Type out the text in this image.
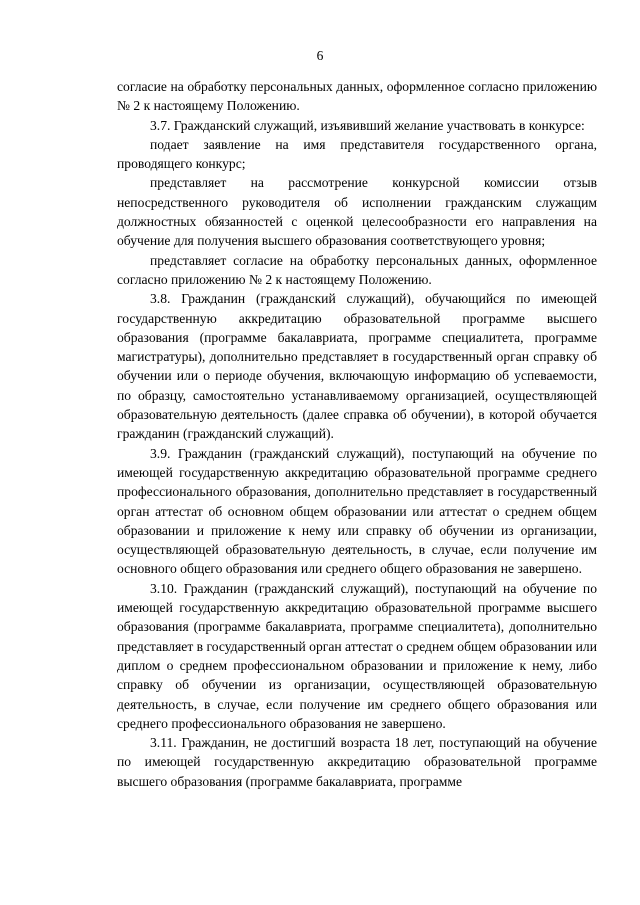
6

согласие на обработку персональных данных, оформленное согласно приложению № 2 к настоящему Положению.

3.7. Гражданский служащий, изъявивший желание участвовать в конкурсе:

подает заявление на имя представителя государственного органа, проводящего конкурс;

представляет на рассмотрение конкурсной комиссии отзыв непосредственного руководителя об исполнении гражданским служащим должностных обязанностей с оценкой целесообразности его направления на обучение для получения высшего образования соответствующего уровня;

представляет согласие на обработку персональных данных, оформленное согласно приложению № 2 к настоящему Положению.

3.8. Гражданин (гражданский служащий), обучающийся по имеющей государственную аккредитацию образовательной программе высшего образования (программе бакалавриата, программе специалитета, программе магистратуры), дополнительно представляет в государственный орган справку об обучении или о периоде обучения, включающую информацию об успеваемости, по образцу, самостоятельно устанавливаемому организацией, осуществляющей образовательную деятельность (далее справка об обучении), в которой обучается гражданин (гражданский служащий).

3.9. Гражданин (гражданский служащий), поступающий на обучение по имеющей государственную аккредитацию образовательной программе среднего профессионального образования, дополнительно представляет в государственный орган аттестат об основном общем образовании или аттестат о среднем общем образовании и приложение к нему или справку об обучении из организации, осуществляющей образовательную деятельность, в случае, если получение им основного общего образования или среднего общего образования не завершено.

3.10. Гражданин (гражданский служащий), поступающий на обучение по имеющей государственную аккредитацию образовательной программе высшего образования (программе бакалавриата, программе специалитета), дополнительно представляет в государственный орган аттестат о среднем общем образовании или диплом о среднем профессиональном образовании и приложение к нему, либо справку об обучении из организации, осуществляющей образовательную деятельность, в случае, если получение им среднего общего образования или среднего профессионального образования не завершено.

3.11. Гражданин, не достигший возраста 18 лет, поступающий на обучение по имеющей государственную аккредитацию образовательной программе высшего образования (программе бакалавриата, программе
